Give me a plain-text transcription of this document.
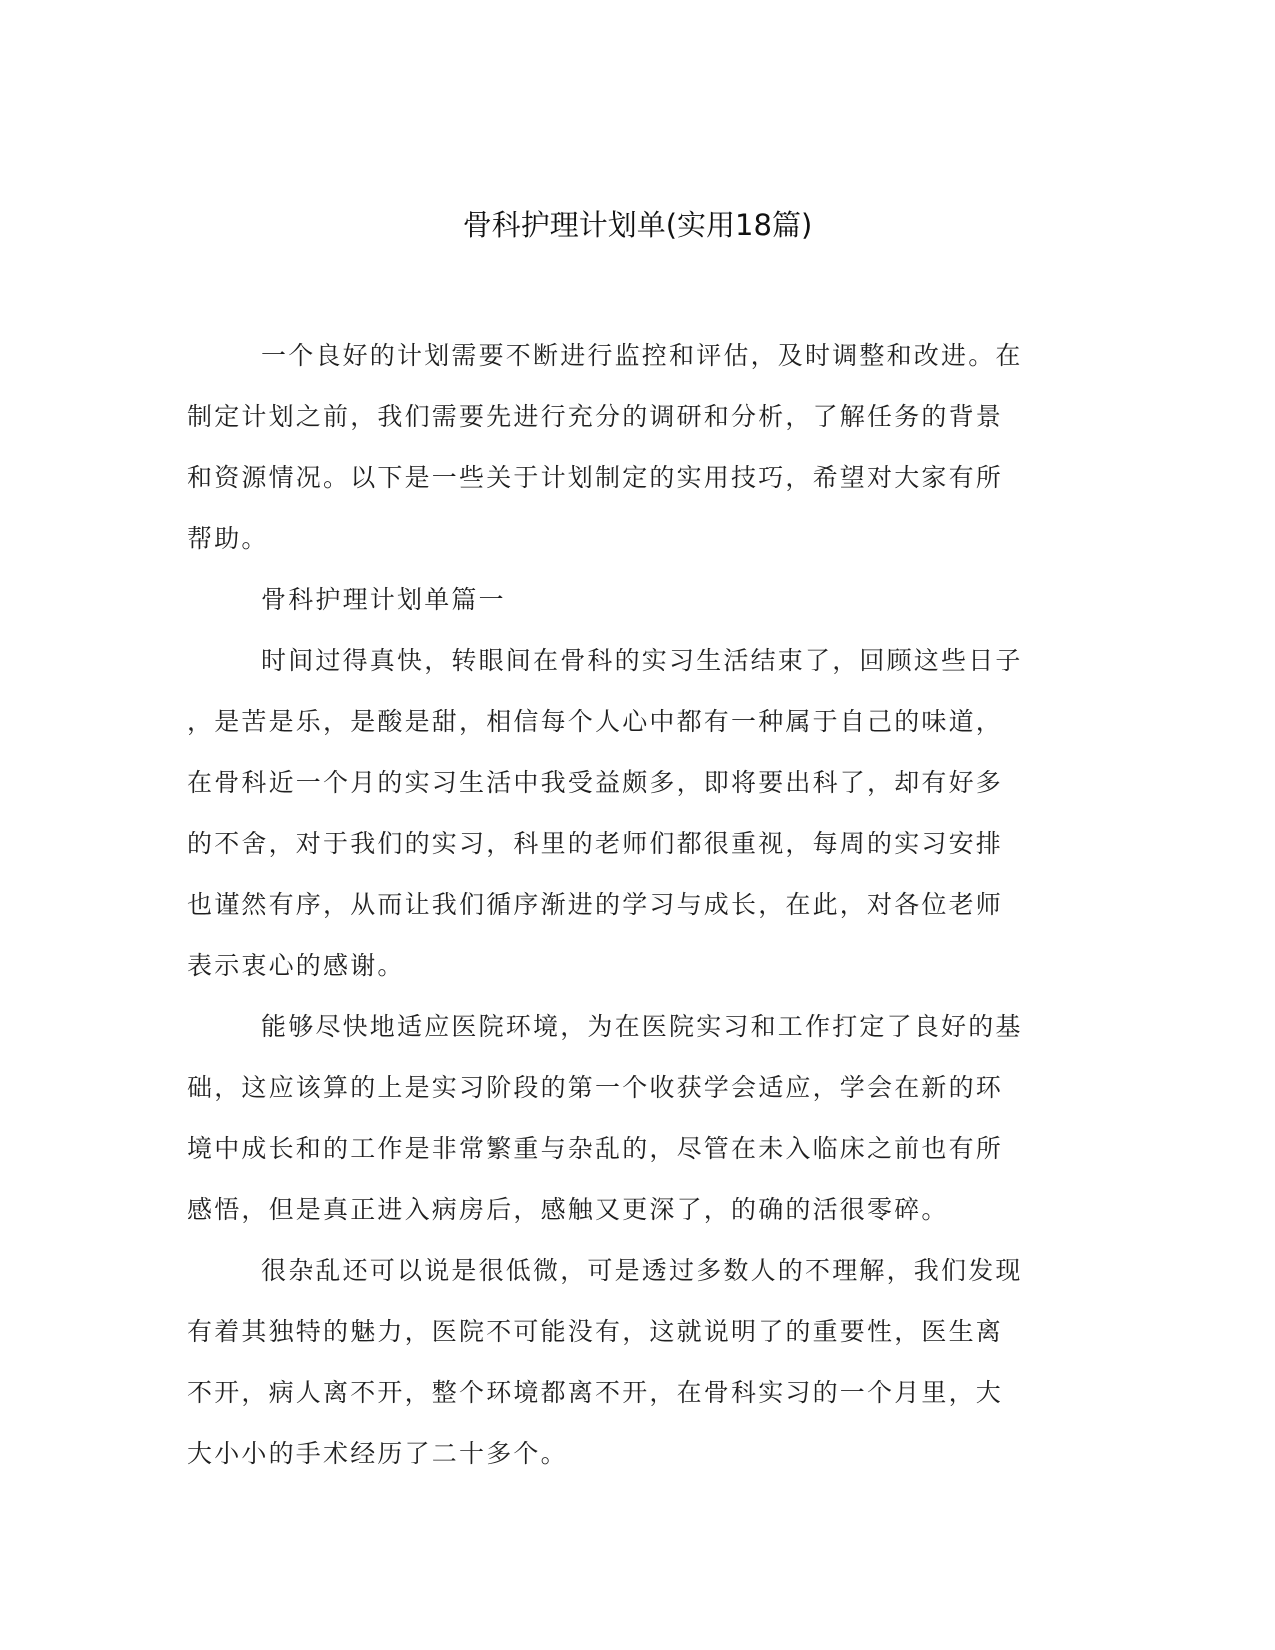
骨科护理计划单(实用18篇)
一个良好的计划需要不断进行监控和评估，及时调整和改进。在
制定计划之前，我们需要先进行充分的调研和分析，了解任务的背景
和资源情况。以下是一些关于计划制定的实用技巧，希望对大家有所
帮助。
骨科护理计划单篇一
时间过得真快，转眼间在骨科的实习生活结束了，回顾这些日子
，是苦是乐，是酸是甜，相信每个人心中都有一种属于自己的味道，
在骨科近一个月的实习生活中我受益颇多，即将要出科了，却有好多
的不舍，对于我们的实习，科里的老师们都很重视，每周的实习安排
也谨然有序，从而让我们循序渐进的学习与成长，在此，对各位老师
表示衷心的感谢。
能够尽快地适应医院环境，为在医院实习和工作打定了良好的基
础，这应该算的上是实习阶段的第一个收获学会适应，学会在新的环
境中成长和的工作是非常繁重与杂乱的，尽管在未入临床之前也有所
感悟，但是真正进入病房后，感触又更深了，的确的活很零碎。
很杂乱还可以说是很低微，可是透过多数人的不理解，我们发现
有着其独特的魅力，医院不可能没有，这就说明了的重要性，医生离
不开，病人离不开，整个环境都离不开，在骨科实习的一个月里，大
大小小的手术经历了二十多个。
